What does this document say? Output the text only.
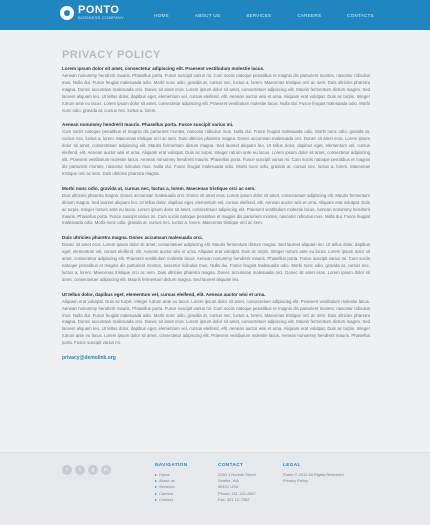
PONTO
BUSINESS COMPANY	HOME	ABOUT US	SERVICES	CAREERS	CONTACTS
PRIVACY POLICY
Lorem ipsum dolor sit amet, consectetur adipiscing elit. Praesent vestibulum molestie lacus.
Aenean nonummy hendrerit mauris. Phasellus porta. Fusce suscipit varius mi. Cum sociis natoque penatibus et magnis dis parturient montes, nascetur ridiculus mus. Nulla dui. Fusce feugiat malesuada odio. Morbi nunc odio, gravida at, cursus nec, luctus a, lorem. Maecenas tristique orci ac sem. Duis ultricies pharetra magna. Donec accumsan malesuada orci. Donec sit amet eros. Lorem ipsum dolor sit amet, consectetuer adipiscing elit. Mauris fermentum dictum magna. Sed laoreet aliquam leo. Ut tellus dolor, dapibus eget, elementum vel, cursus eleifend, elit. Aenean auctor wisi et urna. Aliquam erat volutpat. Duis ac turpis. Integer rutrum ante eu lacus. Lorem ipsum dolor sit amet, consectetur adipiscing elit. Praesent vestibulum molestie lacus. Nulla dui. Fusce feugiat malesuada odio. Morbi nunc odio, gravida at, cursus nec, luctus a, lorem.
Aenean nonummy hendrerit mauris. Phasellus porta. Fusce suscipit varius mi.
Cum sociis natoque penatibus et magnis dis parturient montes, nascetur ridiculus mus. Nulla dui. Fusce feugiat malesuada odio. Morbi nunc odio, gravida at, cursus nec, luctus a, lorem. Maecenas tristique orci ac sem. Duis ultricies pharetra magna. Donec accumsan malesuada orci. Donec sit amet eros. Lorem ipsum dolor sit amet, consectetuer adipiscing elit. Mauris fermentum dictum magna. Sed laoreet aliquam leo. Ut tellus dolor, dapibus eget, elementum vel, cursus eleifend, elit. Aenean auctor wisi et urna. Aliquam erat volutpat. Duis ac turpis. Integer rutrum ante eu lacus. Lorem ipsum dolor sit amet, consectetur adipiscing elit. Praesent vestibulum molestie lacus. Aenean nonummy hendrerit mauris. Phasellus porta. Fusce suscipit varius mi. Cum sociis natoque penatibus et magnis dis parturient montes, nascetur ridiculus mus. Nulla dui. Fusce feugiat malesuada odio. Morbi nunc odio, gravida at, cursus nec, luctus a, lorem. Maecenas tristique orci ac sem. Duis ultricies pharetra magna.
Morbi nunc odio, gravida at, cursus nec, luctus a, lorem. Maecenas tristique orci ac sem.
Duis ultricies pharetra magna. Donec accumsan malesuada orci. Donec sit amet eros. Lorem ipsum dolor sit amet, consectetuer adipiscing elit. Mauris fermentum dictum magna. Sed laoreet aliquam leo. Ut tellus dolor, dapibus eget, elementum vel, cursus eleifend, elit. Aenean auctor wisi et urna. Aliquam erat volutpat. Duis ac turpis. Integer rutrum ante eu lacus. Lorem ipsum dolor sit amet, consectetuer adipiscing elit. Praesent vestibulum molestie lacus. Aenean nonummy hendrerit mauris. Phasellus porta. Fusce suscipit varius mi. Cum sociis natoque penatibus et magnis dis parturient montes, nascetur ridiculus mus. Nulla dui. Fusce feugiat malesuada odio. Morbi nunc odio, gravida at, cursus nec, luctus a, lorem. Maecenas tristique orci ac sem.
Duis ultricies pharetra magna. Donec accumsan malesuada orci.
Donec sit amet eros. Lorem ipsum dolor sit amet, consectetuer adipiscing elit. Mauris fermentum dictum magna. Sed laoreet aliquam leo. Ut tellus dolor, dapibus eget, elementum vel, cursus eleifend, elit. Aenean auctor wisi et urna. Aliquam erat volutpat. Duis ac turpis. Integer rutrum ante eu lacus. Lorem ipsum dolor sit amet, consectetur adipiscing elit. Praesent vestibulum molestie lacus. Aenean nonummy hendrerit mauris. Phasellus porta. Fusce suscipit varius mi. Cum sociis natoque penatibus et magnis dis parturient montes, nascetur ridiculus mus. Nulla dui. Fusce feugiat malesuada odio. Morbi nunc odio, gravida at, cursus nec, luctus a, lorem. Maecenas tristique orci ac sem. Duis ultricies pharetra magna. Donec accumsan malesuada orci. Donec sit amet eros. Lorem ipsum dolor sit amet, consectetuer adipiscing elit. Mauris fermentum dictum magna. Sed laoreet aliquam leo.
Ut tellus dolor, dapibus eget, elementum vel, cursus eleifend, elit. Aenean auctor wisi et urna.
Aliquam erat volutpat. Duis ac turpis. Integer rutrum ante eu lacus. Lorem ipsum dolor sit amet, consectetuer adipiscing elit. Praesent vestibulum molestie lacus. Aenean nonummy hendrerit mauris. Phasellus porta. Fusce suscipit varius mi. Cum sociis natoque penatibus et magnis dis parturient montes, nascetur ridiculus mus. Nulla dui. Fusce feugiat malesuada odio. Morbi nunc odio, gravida at, cursus nec, luctus a, lorem. Maecenas tristique orci ac sem. Duis ultricies pharetra magna. Donec accumsan malesuada orci. Donec sit amet eros. Lorem ipsum dolor sit amet, consectetuer adipiscing elit. Mauris fermentum dictum magna. Sed laoreet aliquam leo. Ut tellus dolor, dapibus eget, elementum vel, cursus eleifend, elit. Aenean auctor wisi et urna. Aliquam erat volutpat. Duis ac turpis. Integer rutrum ante eu lacus. Lorem ipsum dolor sit amet, consectetur adipiscing elit. Praesent vestibulum molestie lacus. Aenean nonummy hendrerit mauris. Phasellus porta. Fusce suscipit varius mi.
privacy@demolink.org
f	t	g	in
NAVIGATION
▸ Home
▸ About us
▸ Services
▸ Careers
▸ Contact
CONTACT
2250 1 Norfolk Street
Seattle, WA
98101 USA
Phone: 111 123-4567
Fax: 321 12-7962
LEGAL
Ponto © 2012 All Rights Reserved
Privacy Policy
